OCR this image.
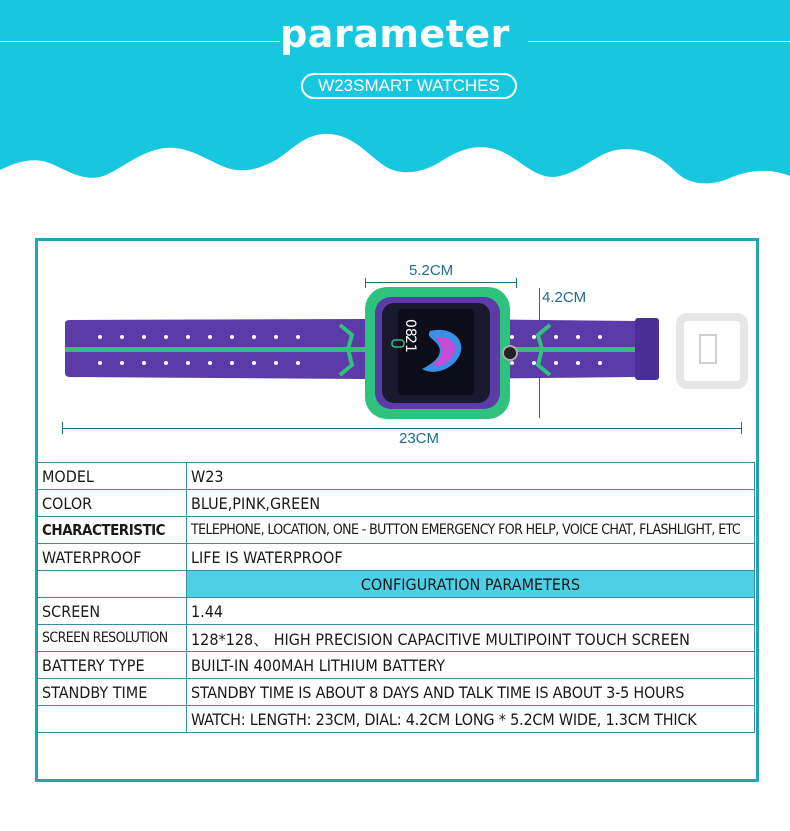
parameter
W23SMART WATCHES
5.2CM
4.2CM
23CM
08
21
MODEL	W23
COLOR	BLUE,PINK,GREEN
CHARACTERISTIC	TELEPHONE, LOCATION, ONE - BUTTON EMERGENCY FOR HELP, VOICE CHAT, FLASHLIGHT, ETC
WATERPROOF	LIFE IS WATERPROOF
	CONFIGURATION PARAMETERS
SCREEN	1.44
SCREEN RESOLUTION	128*128、 HIGH PRECISION CAPACITIVE MULTIPOINT TOUCH SCREEN
BATTERY TYPE	BUILT-IN 400MAH LITHIUM BATTERY
STANDBY TIME	STANDBY TIME IS ABOUT 8 DAYS AND TALK TIME IS ABOUT 3-5 HOURS
	WATCH: LENGTH: 23CM, DIAL: 4.2CM LONG * 5.2CM WIDE, 1.3CM THICK
